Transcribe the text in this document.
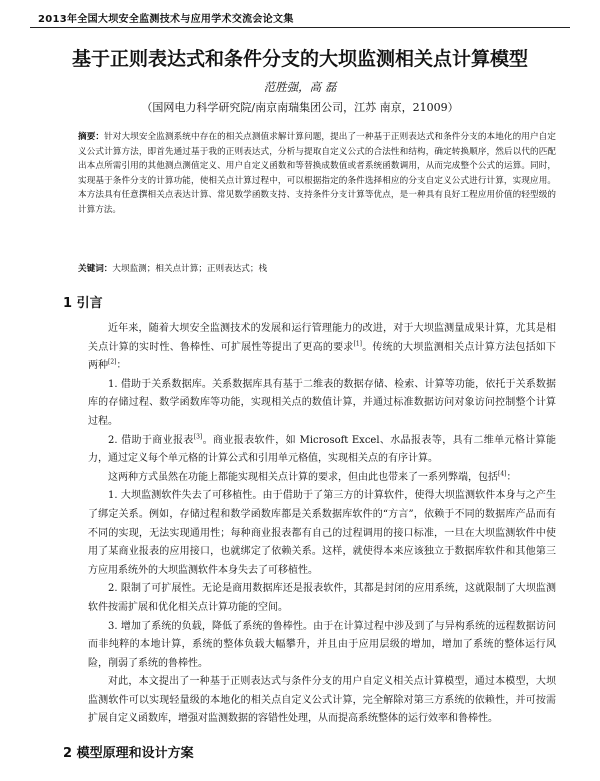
2013年全国大坝安全监测技术与应用学术交流会论文集
基于正则表达式和条件分支的大坝监测相关点计算模型
范胜强，高 磊
（国网电力科学研究院/南京南瑞集团公司，江苏 南京，21009）
摘要：针对大坝安全监测系统中存在的相关点测值求解计算问题，提出了一种基于正则表达式和条件分支的本地化的用户自定义公式计算方法，即首先通过基于我的正则表达式，分析与提取自定义公式的合法性和结构，确定转换顺序，然后以代的匹配出本点所需引用的其他测点测值定义、用户自定义函数和等替换成数值或者系统函数调用，从而完成整个公式的运算。同时，实现基于条件分支的计算功能，使相关点计算过程中，可以根据指定的条件选择相应的分支自定义公式进行计算，实现应用。本方法具有任意撰相关点表达计算、常见数学函数支持、支持条件分支计算等优点，是一种具有良好工程应用价值的轻型级的计算方法。
关键词：大坝监测；相关点计算；正则表达式；栈
1 引言

近年来，随着大坝安全监测技术的发展和运行管理能力的改进，对于大坝监测量成果计算，尤其是相关点计算的实时性、鲁棒性、可扩展性等提出了更高的要求[1]。传统的大坝监测相关点计算方法包括如下两种[2]：

1. 借助于关系数据库。关系数据库具有基于二维表的数据存储、检索、计算等功能，依托于关系数据库的存储过程、数学函数库等功能，实现相关点的数值计算，并通过标准数据访问对象访问控制整个计算过程。

2. 借助于商业报表[3]。商业报表软件，如 Microsoft Excel、水晶报表等，具有二维单元格计算能力，通过定义每个单元格的计算公式和引用单元格值，实现相关点的有序计算。

这两种方式虽然在功能上都能实现相关点计算的要求，但由此也带来了一系列弊端，包括[4]：

1. 大坝监测软件失去了可移植性。由于借助于了第三方的计算软件，使得大坝监测软件本身与之产生了绑定关系。例如，存储过程和数学函数库都是关系数据库软件的“方言”，依赖于不同的数据库产品而有不同的实现，无法实现通用性；每种商业报表都有自己的过程调用的接口标准，一旦在大坝监测软件中使用了某商业报表的应用接口，也就绑定了依赖关系。这样，就使得本来应该独立于数据库软件和其他第三方应用系统外的大坝监测软件本身失去了可移植性。

2. 限制了可扩展性。无论是商用数据库还是报表软件，其都是封闭的应用系统，这就限制了大坝监测软件按需扩展和优化相关点计算功能的空间。

3. 增加了系统的负载，降低了系统的鲁棒性。由于在计算过程中涉及到了与异构系统的远程数据访问而非纯粹的本地计算，系统的整体负载大幅攀升，并且由于应用层级的增加，增加了系统的整体运行风险，削弱了系统的鲁棒性。

对此，本文提出了一种基于正则表达式与条件分支的用户自定义相关点计算模型，通过本模型，大坝监测软件可以实现轻量级的本地化的相关点自定义公式计算，完全解除对第三方系统的依赖性，并可按需扩展自定义函数库，增强对监测数据的容错性处理，从而提高系统整体的运行效率和鲁棒性。

2 模型原理和设计方案
